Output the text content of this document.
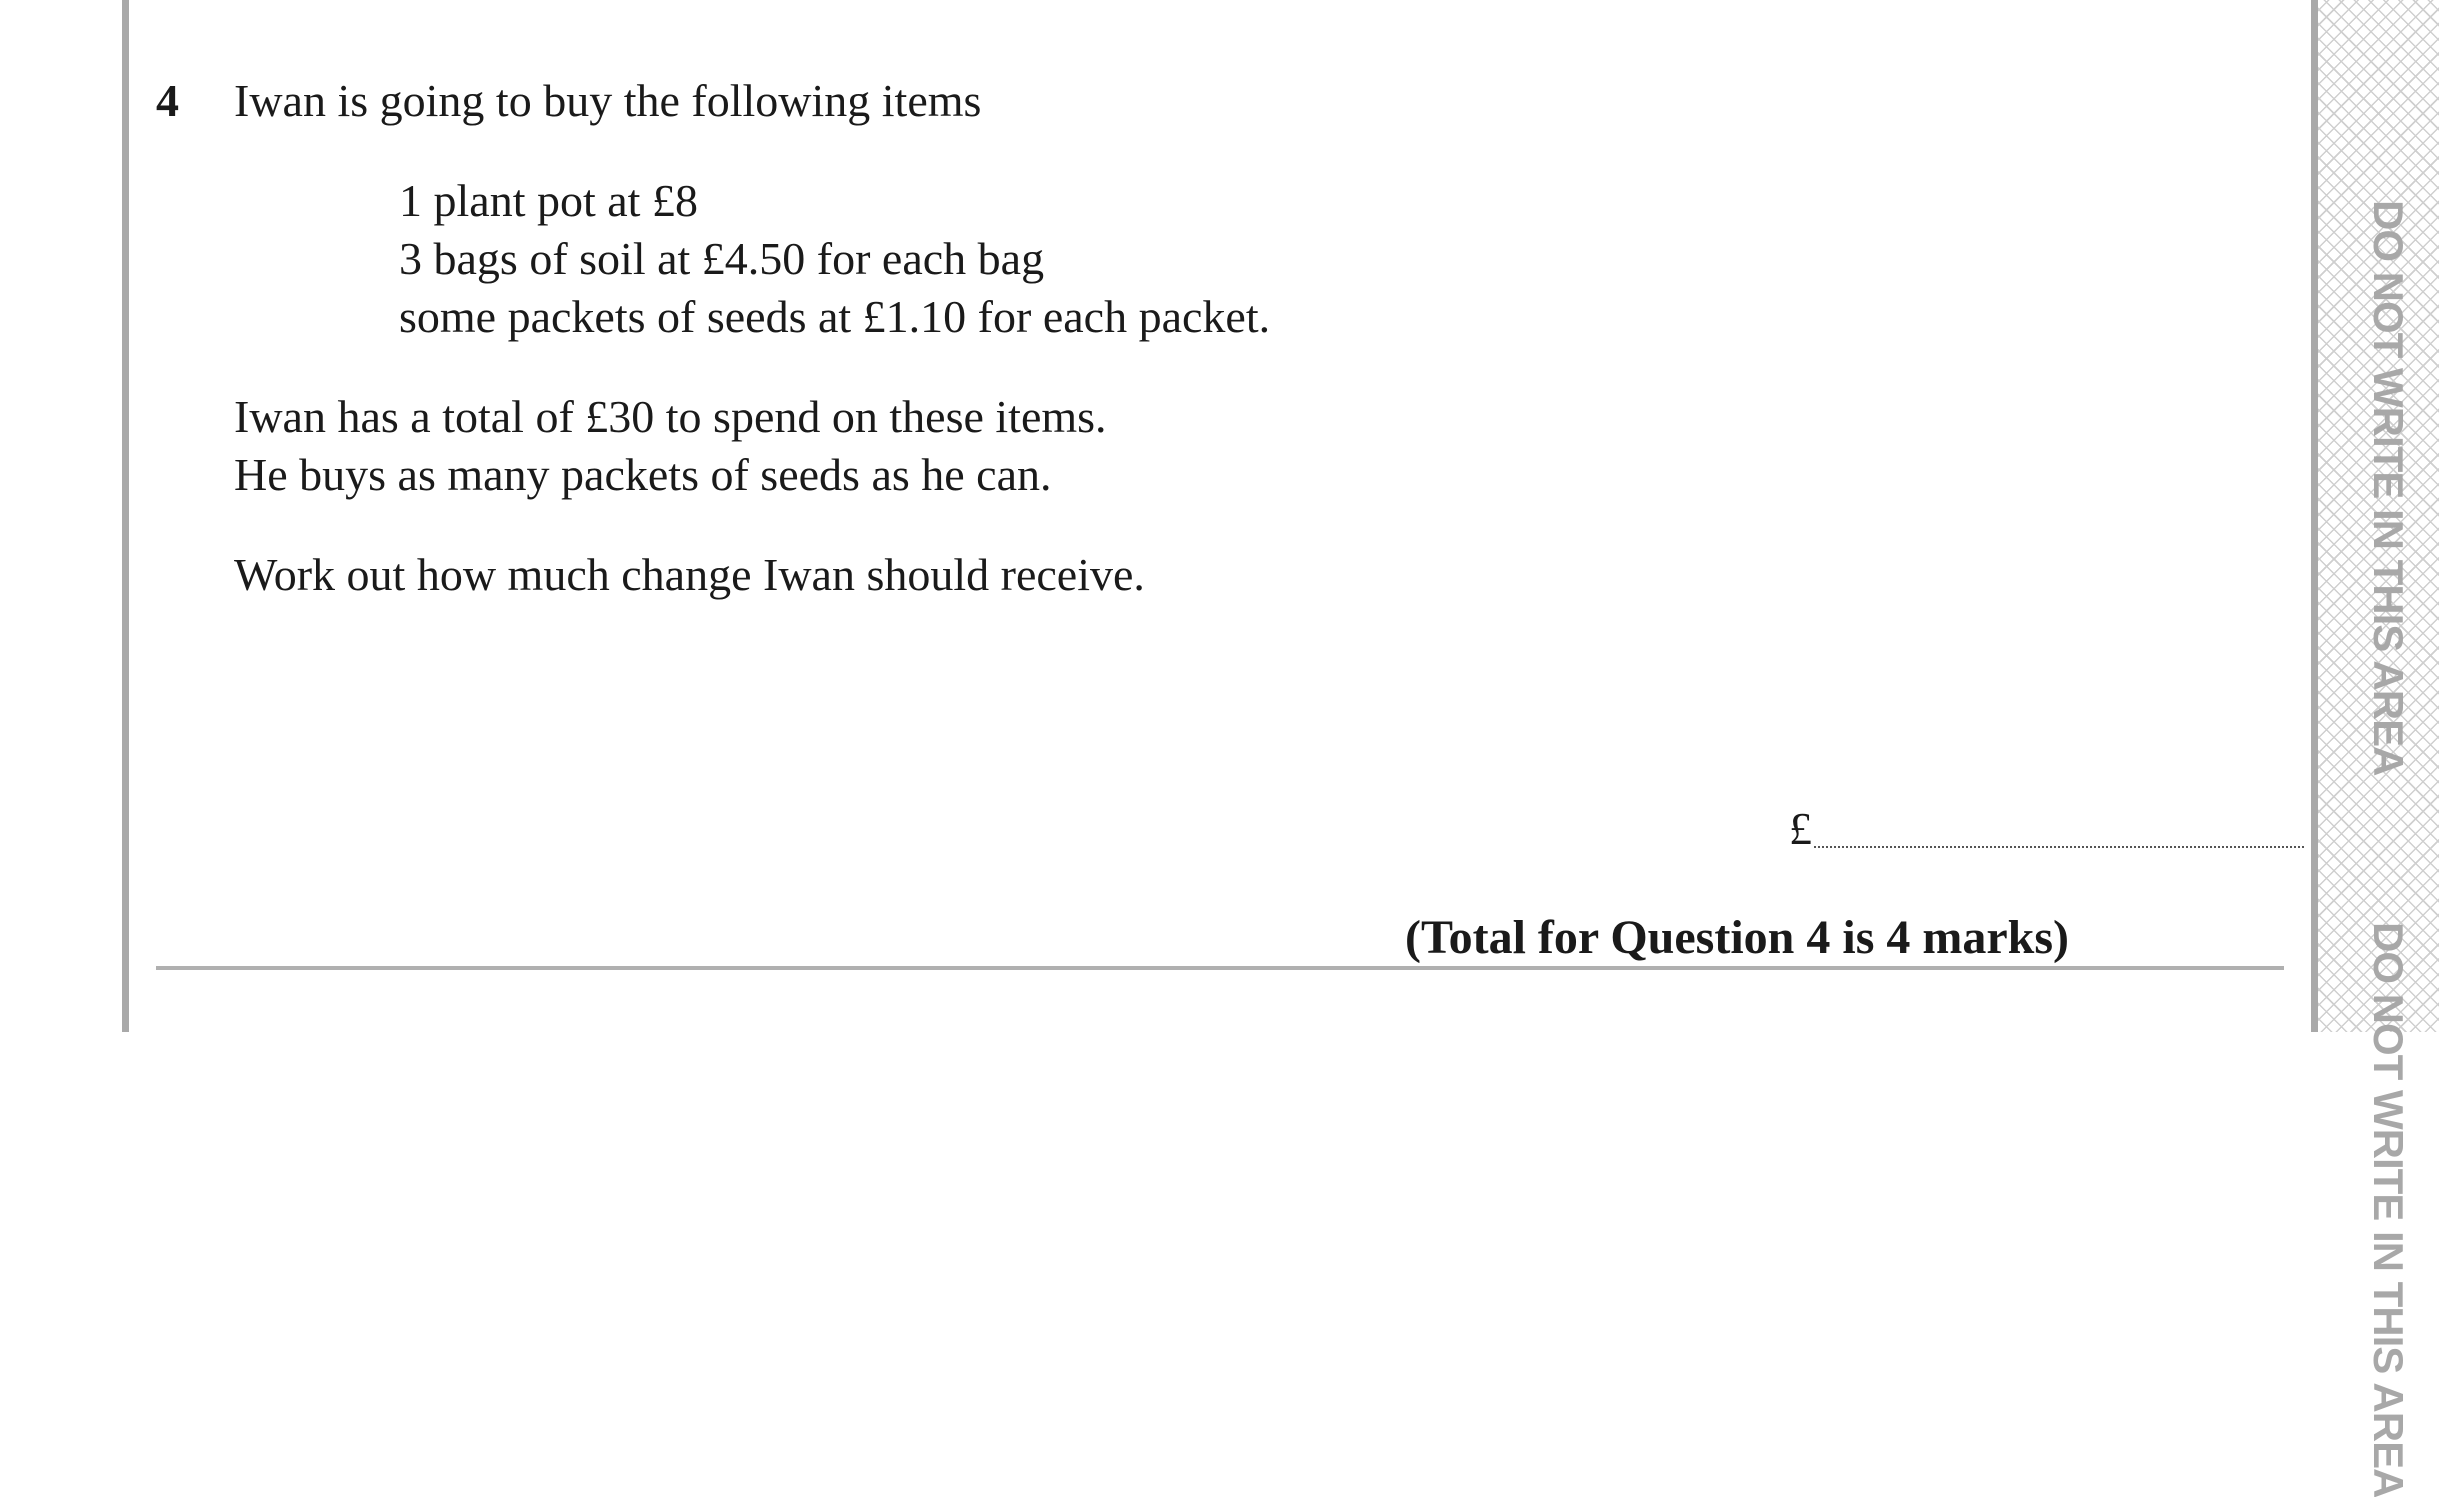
DO NOT WRITE IN THIS AREA
DO NOT WRITE IN THIS AREA
4 Iwan is going to buy the following items
1 plant pot at £8
3 bags of soil at £4.50 for each bag
some packets of seeds at £1.10 for each packet.
Iwan has a total of £30 to spend on these items.
He buys as many packets of seeds as he can.
Work out how much change Iwan should receive.
£
(Total for Question 4 is 4 marks)
